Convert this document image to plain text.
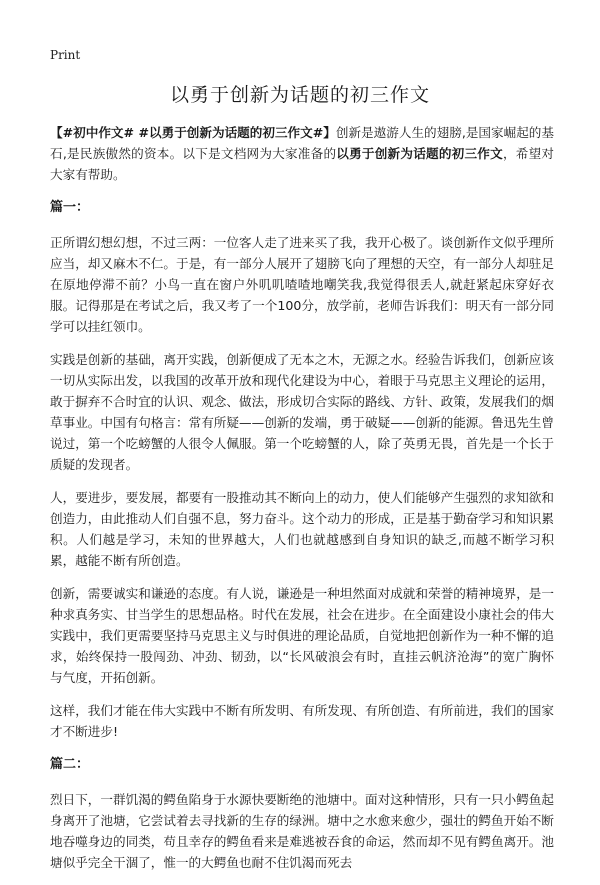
Print
以勇于创新为话题的初三作文

【#初中作文# #以勇于创新为话题的初三作文#】创新是遨游人生的翅膀,是国家崛起的基石,是民族傲然的资本。以下是文档网为大家准备的以勇于创新为话题的初三作文，希望对大家有帮助。

篇一：

正所谓幻想幻想，不过三两：一位客人走了进来买了我，我开心极了。谈创新作文似乎理所应当，却又麻木不仁。于是，有一部分人展开了翅膀飞向了理想的天空，有一部分人却驻足在原地停滞不前？小鸟一直在窗户外叽叽喳喳地嘲笑我,我觉得很丢人,就赶紧起床穿好衣服。记得那是在考试之后，我又考了一个100分，放学前，老师告诉我们：明天有一部分同学可以挂红领巾。

实践是创新的基础，离开实践，创新便成了无本之木，无源之水。经验告诉我们，创新应该一切从实际出发，以我国的改革开放和现代化建设为中心，着眼于马克思主义理论的运用，敢于摒弃不合时宜的认识、观念、做法，形成切合实际的路线、方针、政策，发展我们的烟草事业。中国有句格言：常有所疑——创新的发端，勇于破疑——创新的能源。鲁迅先生曾说过，第一个吃螃蟹的人很令人佩服。第一个吃螃蟹的人，除了英勇无畏，首先是一个长于质疑的发现者。

人，要进步，要发展，都要有一股推动其不断向上的动力，使人们能够产生强烈的求知欲和创造力，由此推动人们自强不息，努力奋斗。这个动力的形成，正是基于勤奋学习和知识累积。人们越是学习，未知的世界越大，人们也就越感到自身知识的缺乏,而越不断学习积累，越能不断有所创造。

创新，需要诚实和谦逊的态度。有人说，谦逊是一种坦然面对成就和荣誉的精神境界，是一种求真务实、甘当学生的思想品格。时代在发展，社会在进步。在全面建设小康社会的伟大实践中，我们更需要坚持马克思主义与时俱进的理论品质，自觉地把创新作为一种不懈的追求，始终保持一股闯劲、冲劲、韧劲，以“长风破浪会有时，直挂云帆济沧海”的宽广胸怀与气度，开拓创新。

这样，我们才能在伟大实践中不断有所发明、有所发现、有所创造、有所前进，我们的国家才不断进步!

篇二：

烈日下，一群饥渴的鳄鱼陷身于水源快要断绝的池塘中。面对这种情形，只有一只小鳄鱼起身离开了池塘，它尝试着去寻找新的生存的绿洲。塘中之水愈来愈少，强壮的鳄鱼开始不断地吞噬身边的同类，苟且幸存的鳄鱼看来是难逃被吞食的命运，然而却不见有鳄鱼离开。池塘似乎完全干涸了，惟一的大鳄鱼也耐不住饥渴而死去
